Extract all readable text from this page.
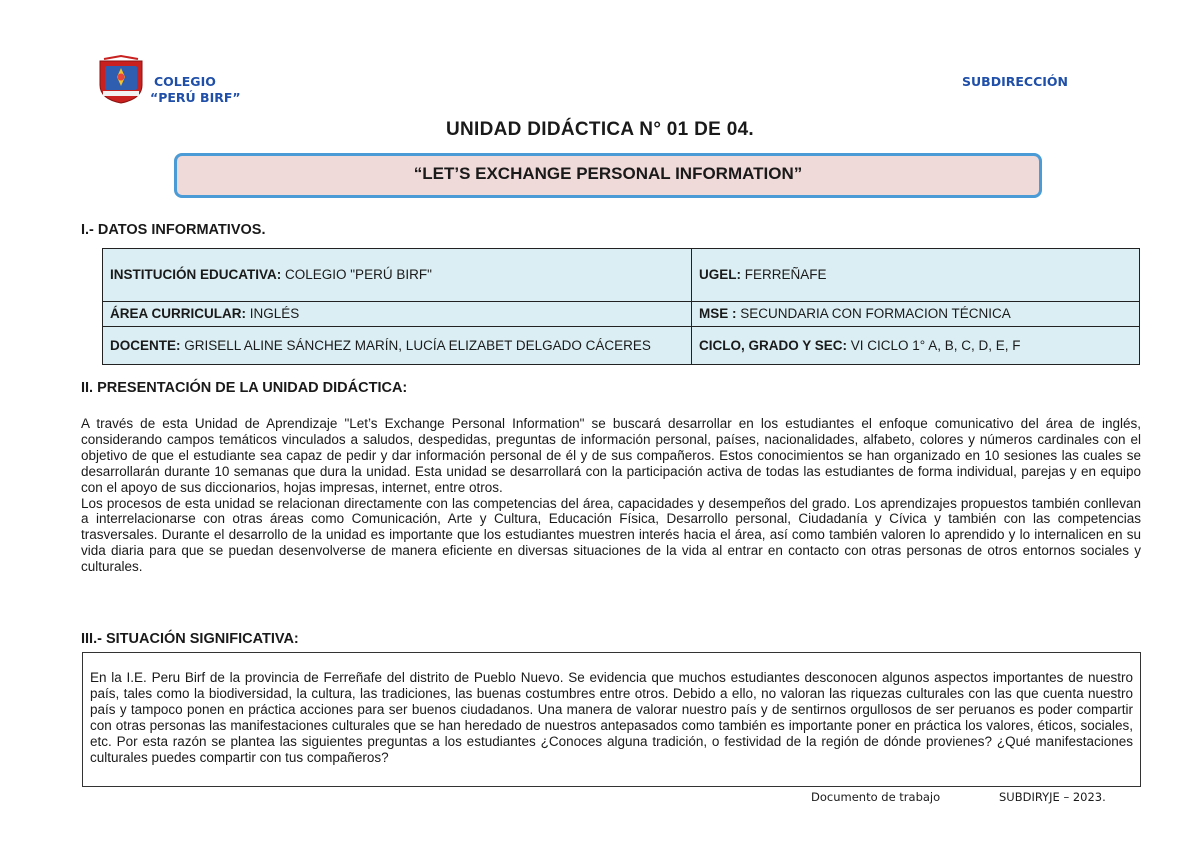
COLEGIO
“PERÚ BIRF”
SUBDIRECCIÓN
UNIDAD DIDÁCTICA N° 01 DE 04.
“LET’S EXCHANGE PERSONAL INFORMATION”
I.- DATOS INFORMATIVOS.
INSTITUCIÓN EDUCATIVA: COLEGIO "PERÚ BIRF"	UGEL: FERREÑAFE
ÁREA CURRICULAR: INGLÉS	MSE : SECUNDARIA CON FORMACION TÉCNICA
DOCENTE: GRISELL ALINE SÁNCHEZ MARÍN, LUCÍA ELIZABET DELGADO CÁCERES	CICLO, GRADO Y SEC: VI CICLO 1° A, B, C, D, E, F
II. PRESENTACIÓN DE LA UNIDAD DIDÁCTICA:

A través de esta Unidad de Aprendizaje "Let’s Exchange Personal Information" se buscará desarrollar en los estudiantes el enfoque comunicativo del área de inglés, considerando campos temáticos vinculados a saludos, despedidas, preguntas de información personal, países, nacionalidades, alfabeto, colores y números cardinales con el objetivo de que el estudiante sea capaz de pedir y dar información personal de él y de sus compañeros. Estos conocimientos se han organizado en 10 sesiones las cuales se desarrollarán durante 10 semanas que dura la unidad. Esta unidad se desarrollará con la participación activa de todas las estudiantes de forma individual, parejas y en equipo con el apoyo de sus diccionarios, hojas impresas, internet, entre otros.

Los procesos de esta unidad se relacionan directamente con las competencias del área, capacidades y desempeños del grado. Los aprendizajes propuestos también conllevan a interrelacionarse con otras áreas como Comunicación, Arte y Cultura, Educación Física, Desarrollo personal, Ciudadanía y Cívica y también con las competencias trasversales. Durante el desarrollo de la unidad es importante que los estudiantes muestren interés hacia el área, así como también valoren lo aprendido y lo internalicen en su vida diaria para que se puedan desenvolverse de manera eficiente en diversas situaciones de la vida al entrar en contacto con otras personas de otros entornos sociales y culturales.

III.- SITUACIÓN SIGNIFICATIVA:
En la I.E. Peru Birf de la provincia de Ferreñafe del distrito de Pueblo Nuevo. Se evidencia que muchos estudiantes desconocen algunos aspectos importantes de nuestro país, tales como la biodiversidad, la cultura, las tradiciones, las buenas costumbres entre otros. Debido a ello, no valoran las riquezas culturales con las que cuenta nuestro país y tampoco ponen en práctica acciones para ser buenos ciudadanos. Una manera de valorar nuestro país y de sentirnos orgullosos de ser peruanos es poder compartir con otras personas las manifestaciones culturales que se han heredado de nuestros antepasados como también es importante poner en práctica los valores, éticos, sociales, etc. Por esta razón se plantea las siguientes preguntas a los estudiantes ¿Conoces alguna tradición, o festividad de la región de dónde provienes? ¿Qué manifestaciones culturales puedes compartir con tus compañeros?
Documento de trabajo	SUBDIRYJE – 2023.
